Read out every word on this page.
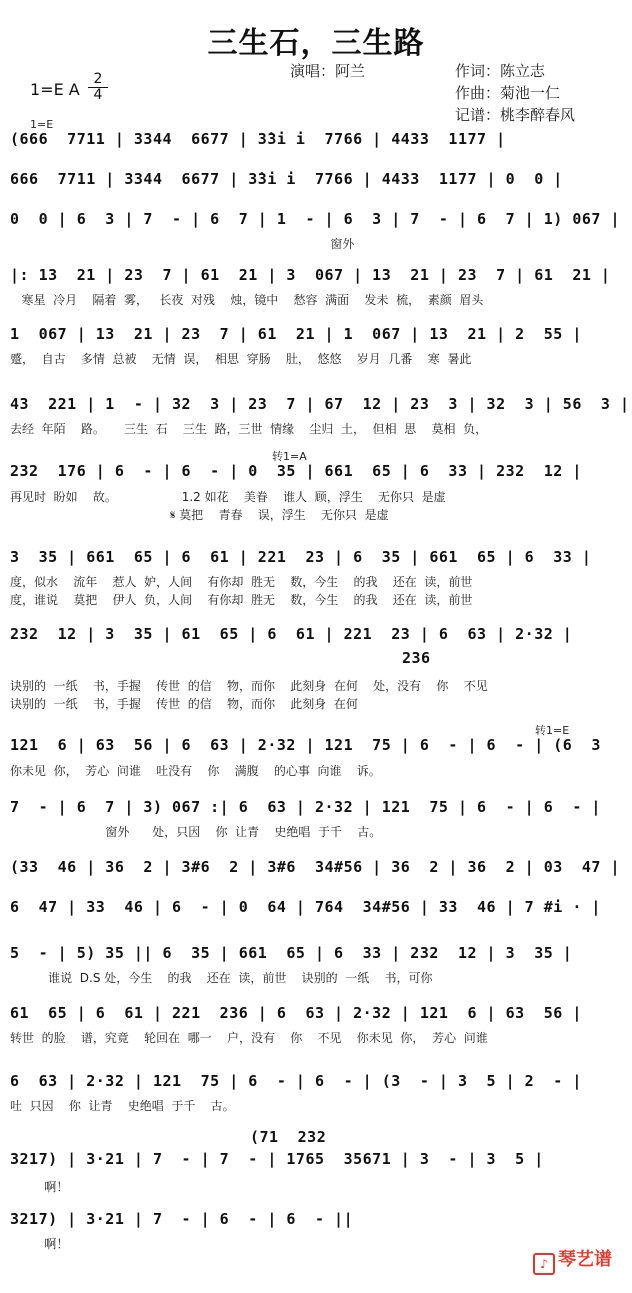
三生石，三生路
演唱：阿兰	作词：陈立志
作曲：菊池一仁
记谱：桃李醉春风
1=E A
2
4
1=E
(666  7711 | 3344  6677 | 3̇3i i  7766 | 4433  1177 |
666  7711 | 3344  6677 | 3̇3i i  7766 | 4433  1177 | 0  0 |
0  0 | 6  3 | 7  - | 6  7 | 1  - | 6  3 | 7  - | 6  7 | 1) 067 |
窗外
|: 13  21 | 23  7 | 61  21 | 3  067 | 13  21 | 23  7 | 61  21 |
寒星  冷月    隔着  雾，   长夜  对残    烛，镜中    愁容  满面    发未  梳，  素颜  眉头
1  067 | 13  21 | 23  7 | 61  21 | 1  067 | 13  21 | 2  55 |
蹙，  自古    多情  总被    无情  误，  相思  穿肠    肚，  悠悠    岁月  几番    寒  暑此
43  221 | 1  - | 32  3 | 23  7 | 67  12 | 23  3 | 32  3 | 56  3 |
去经  年陌    路。     三生  石    三生  路，三世  情缘    尘归  土，  但相  思    莫相  负，
转1=A
232  176 | 6  - | 6  - | 0  35 | 661  65 | 6  33 | 232  12 |
再见时  盼如    故。                 1.2 如花    美眷    谁人  顾，浮生    无你只  是虚
𝄋 莫把    青春    误，浮生    无你只  是虚
3  35 | 661  65 | 6  61 | 221  23 | 6  35 | 661  65 | 6  33 |
度，似水    流年    惹人  妒，人间    有你却  胜无    数，今生    的我    还在  读，前世
度，谁说    莫把    伊人  负，人间    有你却  胜无    数，今生    的我    还在  读，前世
232  12 | 3  35 | 61  65 | 6  61 | 221  23 | 6  63 | 2·32 |
236
诀别的  一纸    书，手握    传世  的信    物，而你    此刻身  在何    处，没有    你    不见
诀别的  一纸    书，手握    传世  的信    物，而你    此刻身  在何
转1=E
121  6 | 63  56 | 6  63 | 2·32 | 121  75 | 6  - | 6  - | (6  3
你未见  你，  芳心  问谁    吐没有    你    满腹    的心事  向谁    诉。
7  - | 6  7 | 3) 067 :| 6  63 | 2·32 | 121  75 | 6  - | 6  - |
窗外      处，只因    你  让青    史绝唱  于千    古。
(33  46 | 36  2 | 3#6  2 | 3#6  34#56 | 36  2 | 36  2 | 03  47 |
6  47 | 33  46 | 6  - | 0  64 | 764  34#56 | 33  46 | 7 #i · |
5  - | 5) 35 || 6  35 | 661  65 | 6  33 | 232  12 | 3  35 |
谁说  D.S 处，今生    的我    还在  读，前世    诀别的  一纸    书，可你
61  65 | 6  61 | 221  236 | 6  63 | 2·32 | 121  6 | 63  56 |
转世  的脸    谱，究竟    轮回在  哪一    户，没有    你    不见    你未见  你，  芳心  问谁
6  63 | 2·32 | 121  75 | 6  - | 6  - | (3  - | 3  5 | 2  - |
吐  只因    你  让青    史绝唱  于千    古。
(71  232
3217) | 3·21 | 7  - | 7  - | 1765  35671 | 3  - | 3  5 |
啊！
3217) | 3·21 | 7  - | 6  - | 6  - ||
啊！
♪ 琴艺谱
